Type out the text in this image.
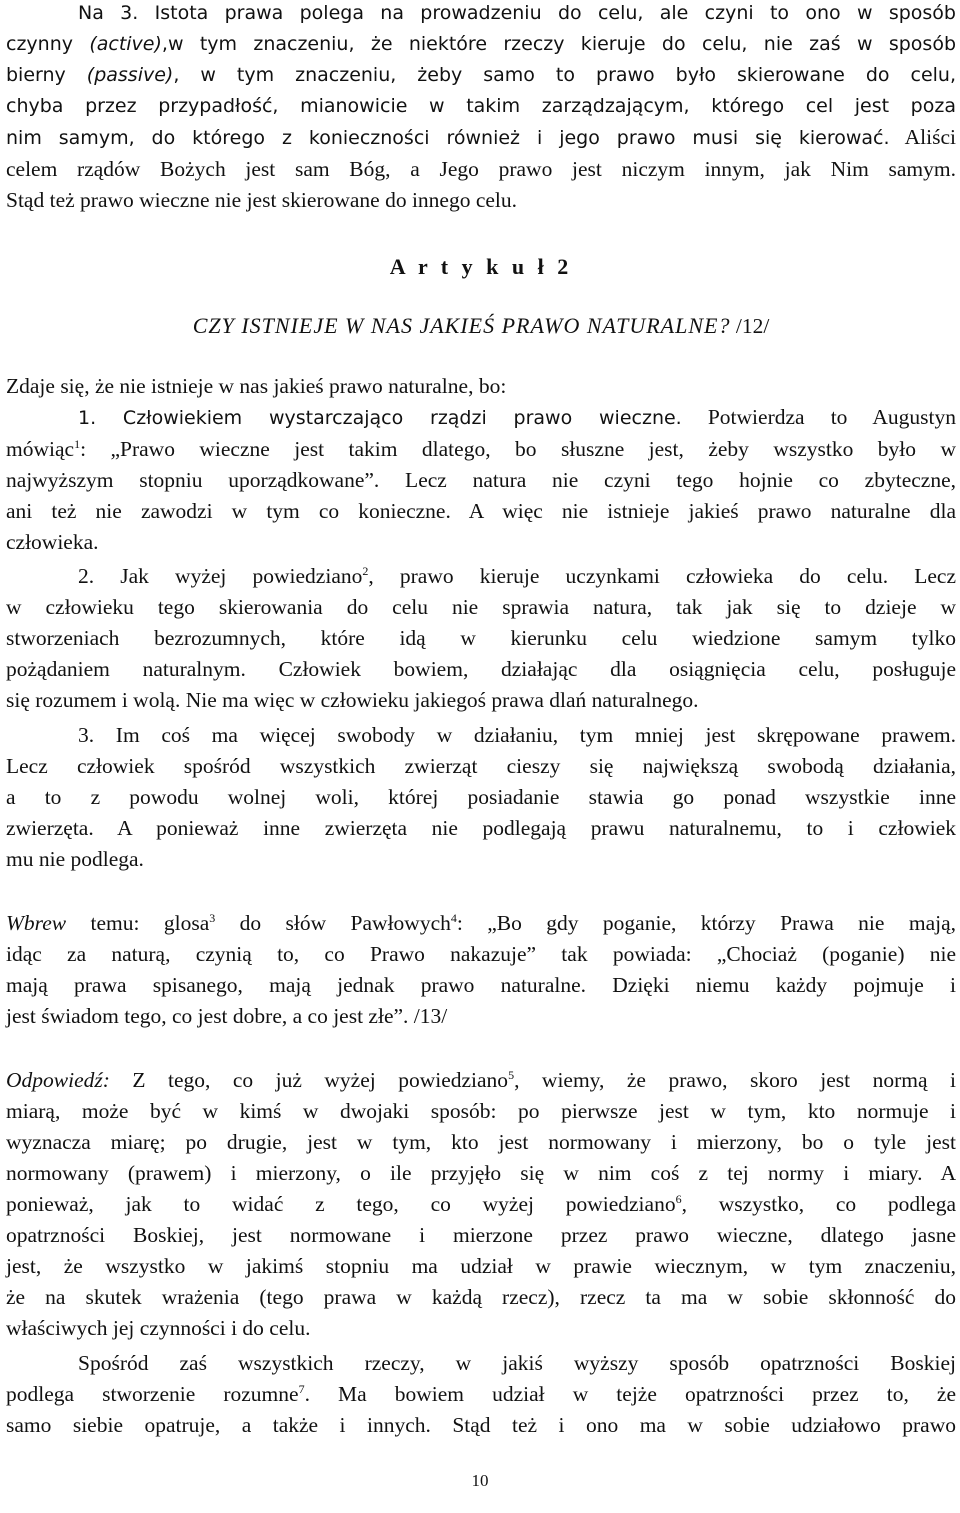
Na 3. Istota prawa polega na prowadzeniu do celu, ale czyni to ono w sposób
czynny (active),w tym znaczeniu, że niektóre rzeczy kieruje do celu, nie zaś w sposób
bierny (passive), w tym znaczeniu, żeby samo to prawo było skierowane do celu,
chyba przez przypadłość, mianowicie w takim zarządzającym, którego cel jest poza
nim samym, do którego z konieczności również i jego prawo musi się kierować. Aliści
celem rządów Bożych jest sam Bóg, a Jego prawo jest niczym innym, jak Nim samym.
Stąd też prawo wieczne nie jest skierowane do innego celu.
A r t y k u ł 2
CZY ISTNIEJE W NAS JAKIEŚ PRAWO NATURALNE? /12/
Zdaje się, że nie istnieje w nas jakieś prawo naturalne, bo:
1. Człowiekiem wystarczająco rządzi prawo wieczne. Potwierdza to Augustyn
mówiąc$^1$: „Prawo wieczne jest takim dlatego, bo słuszne jest, żeby wszystko było w
najwyższym stopniu uporządkowane”. Lecz natura nie czyni tego hojnie co zbyteczne,
ani też nie zawodzi w tym co konieczne. A więc nie istnieje jakieś prawo naturalne dla
człowieka.
2. Jak wyżej powiedziano$^2$, prawo kieruje uczynkami człowieka do celu. Lecz
w człowieku tego skierowania do celu nie sprawia natura, tak jak się to dzieje w
stworzeniach bezrozumnych, które idą w kierunku celu wiedzione samym tylko
pożądaniem naturalnym. Człowiek bowiem, działając dla osiągnięcia celu, posługuje
się rozumem i wolą. Nie ma więc w człowieku jakiegoś prawa dlań naturalnego.
3. Im coś ma więcej swobody w działaniu, tym mniej jest skrępowane prawem.
Lecz człowiek spośród wszystkich zwierząt cieszy się największą swobodą działania,
a to z powodu wolnej woli, której posiadanie stawia go ponad wszystkie inne
zwierzęta. A ponieważ inne zwierzęta nie podlegają prawu naturalnemu, to i człowiek
mu nie podlega.
Wbrew temu: glosa$^3$ do słów Pawłowych$^4$: „Bo gdy poganie, którzy Prawa nie mają,
idąc za naturą, czynią to, co Prawo nakazuje” tak powiada: „Chociaż (poganie) nie
mają prawa spisanego, mają jednak prawo naturalne. Dzięki niemu każdy pojmuje i
jest świadom tego, co jest dobre, a co jest złe”. /13/
Odpowiedź: Z tego, co już wyżej powiedziano$^5$, wiemy, że prawo, skoro jest normą i
miarą, może być w kimś w dwojaki sposób: po pierwsze jest w tym, kto normuje i
wyznacza miarę; po drugie, jest w tym, kto jest normowany i mierzony, bo o tyle jest
normowany (prawem) i mierzony, o ile przyjęło się w nim coś z tej normy i miary. A
ponieważ, jak to widać z tego, co wyżej powiedziano$^6$, wszystko, co podlega
opatrzności Boskiej, jest normowane i mierzone przez prawo wieczne, dlatego jasne
jest, że wszystko w jakimś stopniu ma udział w prawie wiecznym, w tym znaczeniu,
że na skutek wrażenia (tego prawa w każdą rzecz), rzecz ta ma w sobie skłonność do
właściwych jej czynności i do celu.
Spośród zaś wszystkich rzeczy, w jakiś wyższy sposób opatrzności Boskiej
podlega stworzenie rozumne$^7$. Ma bowiem udział w tejże opatrzności przez to, że
samo siebie opatruje, a także i innych. Stąd też i ono ma w sobie udziałowo prawo
10
